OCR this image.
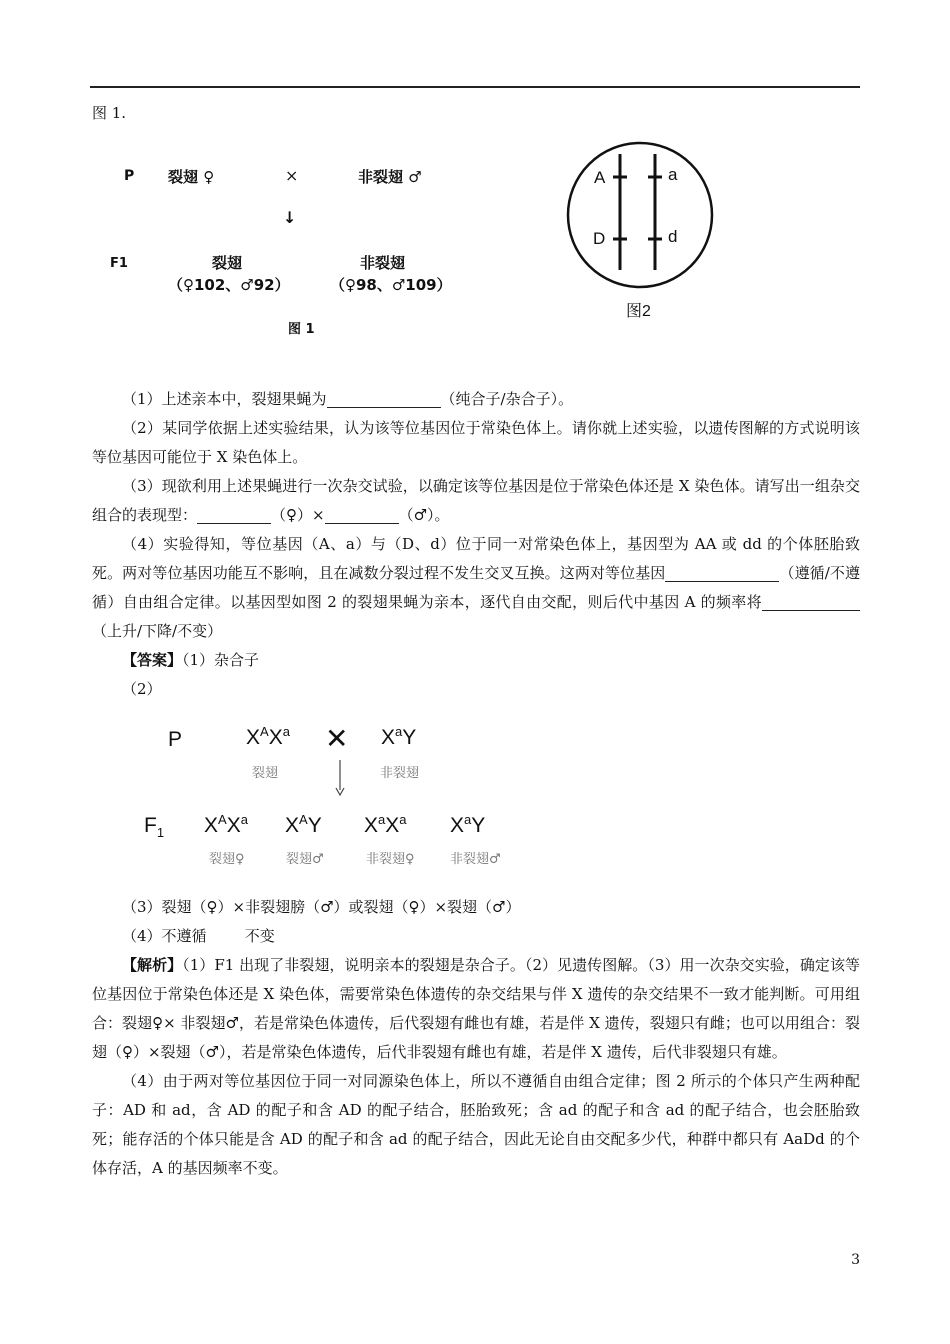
图 1.
P 裂翅 ♀	×	非裂翅 ♂
↓
F1	裂翅
（♀102、♂92）
非裂翅
（♀98、♂109）
图 1
A	a
D	d
图2

（1）上述亲本中，裂翅果蝇为	（纯合子/杂合子）。

（2）某同学依据上述实验结果，认为该等位基因位于常染色体上。请你就上述实验，以遗传图解的方式说明该等位基因可能位于 X 染色体上。

（3）现欲利用上述果蝇进行一次杂交试验，以确定该等位基因是位于常染色体还是 X 染色体。请写出一组杂交组合的表现型：	（♀）×	（♂）。

（4）实验得知，等位基因（A、a）与（D、d）位于同一对常染色体上，基因型为 AA 或 dd 的个体胚胎致死。两对等位基因功能互不影响，且在减数分裂过程不发生交叉互换。这两对等位基因	（遵循/不遵循）自由组合定律。以基因型如图 2 的裂翅果蝇为亲本，逐代自由交配，则后代中基因 A 的频率将（上升/下降/不变）

【答案】（1）杂合子

（2）

P	$X^AX^a$ ✕ $X^aY$
裂翅	非裂翅
$F_1$ $X^AX^a$ $X^AY$ $X^aX^a$ $X^aY$
裂翅♀	裂翅♂	非裂翅♀	非裂翅♂

（3）裂翅（♀）×非裂翅膀（♂）或裂翅（♀）×裂翅（♂）

（4）不遵循        不变

【解析】（1）F1 出现了非裂翅，说明亲本的裂翅是杂合子。（2）见遗传图解。（3）用一次杂交实验，确定该等位基因位于常染色体还是 X 染色体，需要常染色体遗传的杂交结果与伴 X 遗传的杂交结果不一致才能判断。可用组合：裂翅♀× 非裂翅♂，若是常染色体遗传，后代裂翅有雌也有雄，若是伴 X 遗传，裂翅只有雌；也可以用组合：裂翅（♀）×裂翅（♂），若是常染色体遗传，后代非裂翅有雌也有雄，若是伴 X 遗传，后代非裂翅只有雄。

（4）由于两对等位基因位于同一对同源染色体上，所以不遵循自由组合定律；图 2 所示的个体只产生两种配子：AD 和 ad，含 AD 的配子和含 AD 的配子结合，胚胎致死；含 ad 的配子和含 ad 的配子结合，也会胚胎致死；能存活的个体只能是含 AD 的配子和含 ad 的配子结合，因此无论自由交配多少代，种群中都只有 AaDd 的个体存活，A 的基因频率不变。

3
